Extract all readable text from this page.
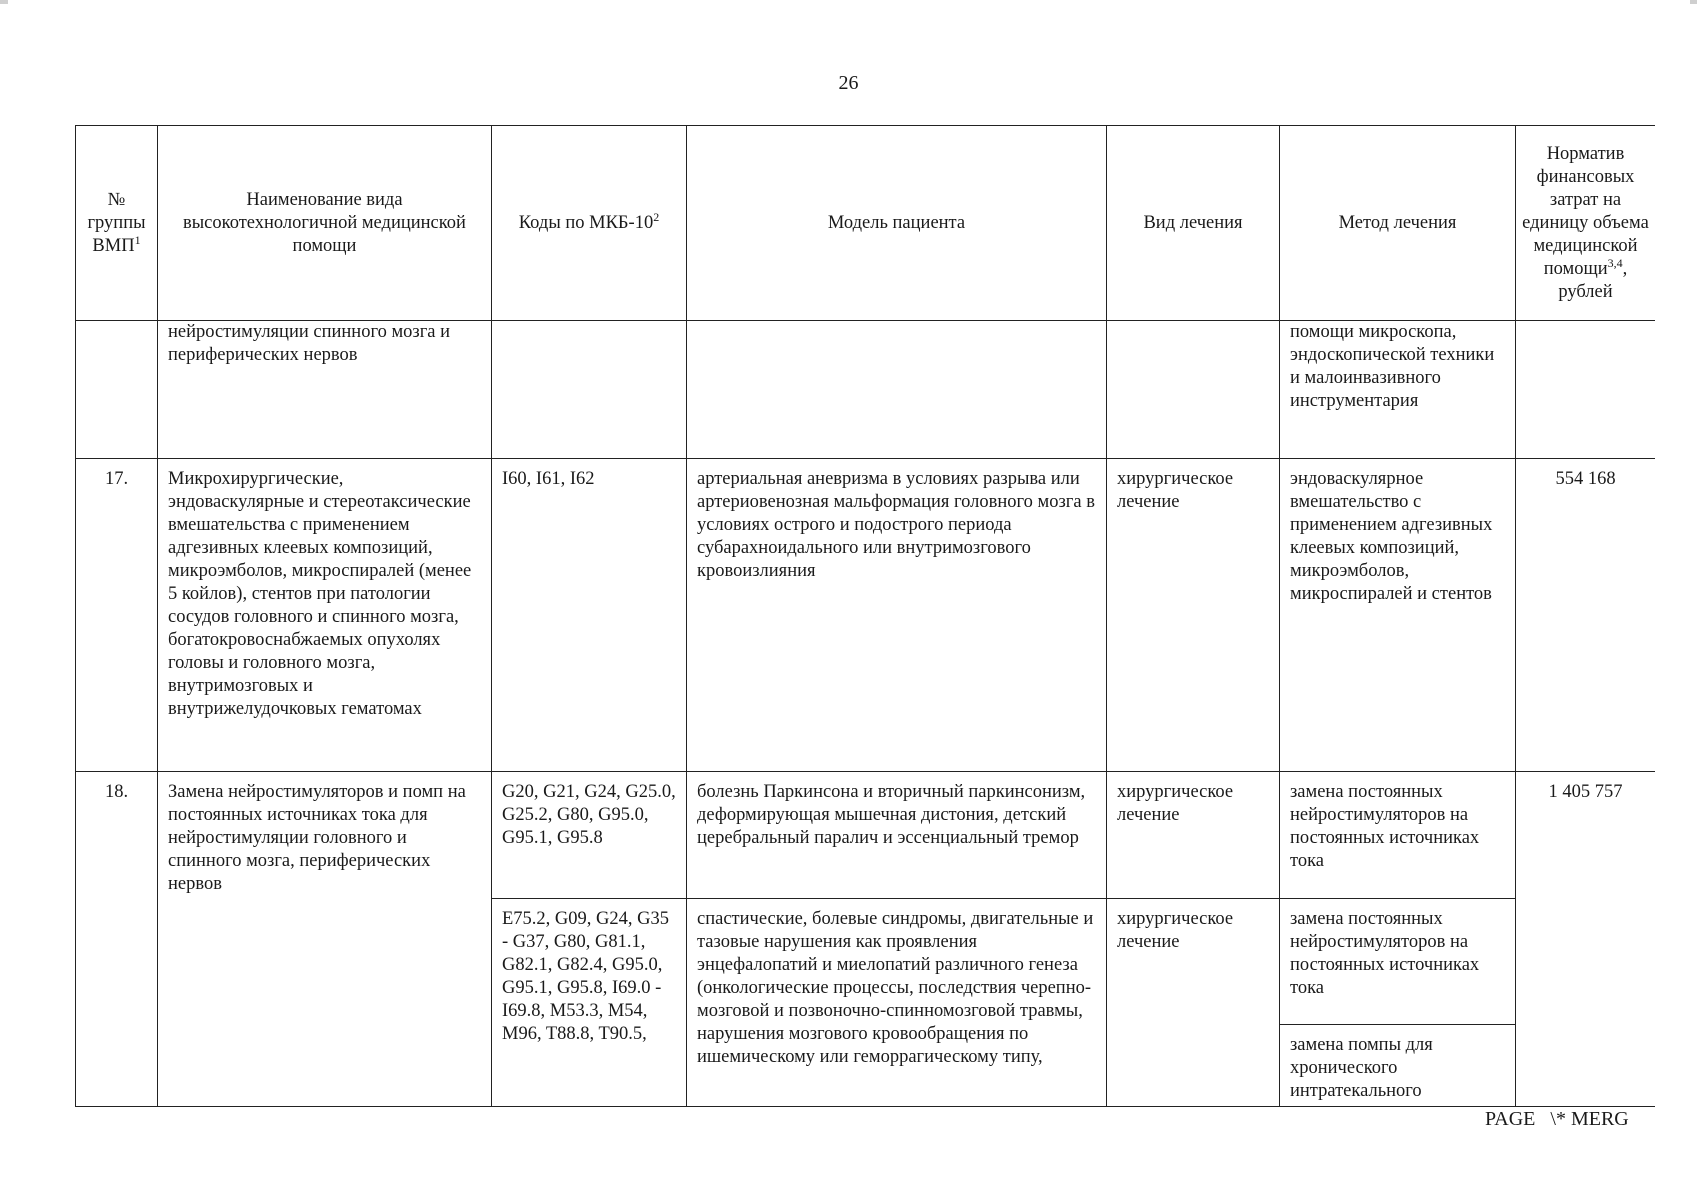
26
№ группы ВМП$^1$	Наименование вида высокотехнологичной медицинской помощи	Коды по МКБ-$10^2$	Модель пациента	Вид лечения	Метод лечения	Норматив финансовых затрат на единицу объема медицинской помощи$^{3,4}$, рублей
	нейростимуляции спинного мозга и периферических нервов				помощи микроскопа, эндоскопической техники и малоинвазивного инструментария	
17.	Микрохирургические, эндоваскулярные и стереотаксические вмешательства с применением адгезивных клеевых композиций, микроэмболов, микроспиралей (менее 5 койлов), стентов при патологии сосудов головного и спинного мозга, богатокровоснабжаемых опухолях головы и головного мозга, внутримозговых и внутрижелудочковых гематомах	I60, I61, I62	артериальная аневризма в условиях разрыва или артериовенозная мальформация головного мозга в условиях острого и подострого периода субарахноидального или внутримозгового кровоизлияния	хирургическое лечение	эндоваскулярное вмешательство с применением адгезивных клеевых композиций, микроэмболов, микроспиралей и стентов	554 168
18.	Замена нейростимуляторов и помп на постоянных источниках тока для нейростимуляции головного и спинного мозга, периферических нервов	G20, G21, G24, G25.0, G25.2, G80, G95.0, G95.1, G95.8	болезнь Паркинсона и вторичный паркинсонизм, деформирующая мышечная дистония, детский церебральный паралич и эссенциальный тремор	хирургическое лечение	замена постоянных нейростимуляторов на постоянных источниках тока	1 405 757
		E75.2, G09, G24, G35 - G37, G80, G81.1, G82.1, G82.4, G95.0, G95.1, G95.8, I69.0 - I69.8, M53.3, M54, M96, T88.8, T90.5,	спастические, болевые синдромы, двигательные и тазовые нарушения как проявления энцефалопатий и миелопатий различного генеза (онкологические процессы, последствия черепно-мозговой и позвоночно-спинномозговой травмы, нарушения мозгового кровообращения по ишемическому или геморрагическому типу,	хирургическое лечение	замена постоянных нейростимуляторов на постоянных источниках тока	
					замена помпы для хронического интратекального	
PAGE   \* MERG
